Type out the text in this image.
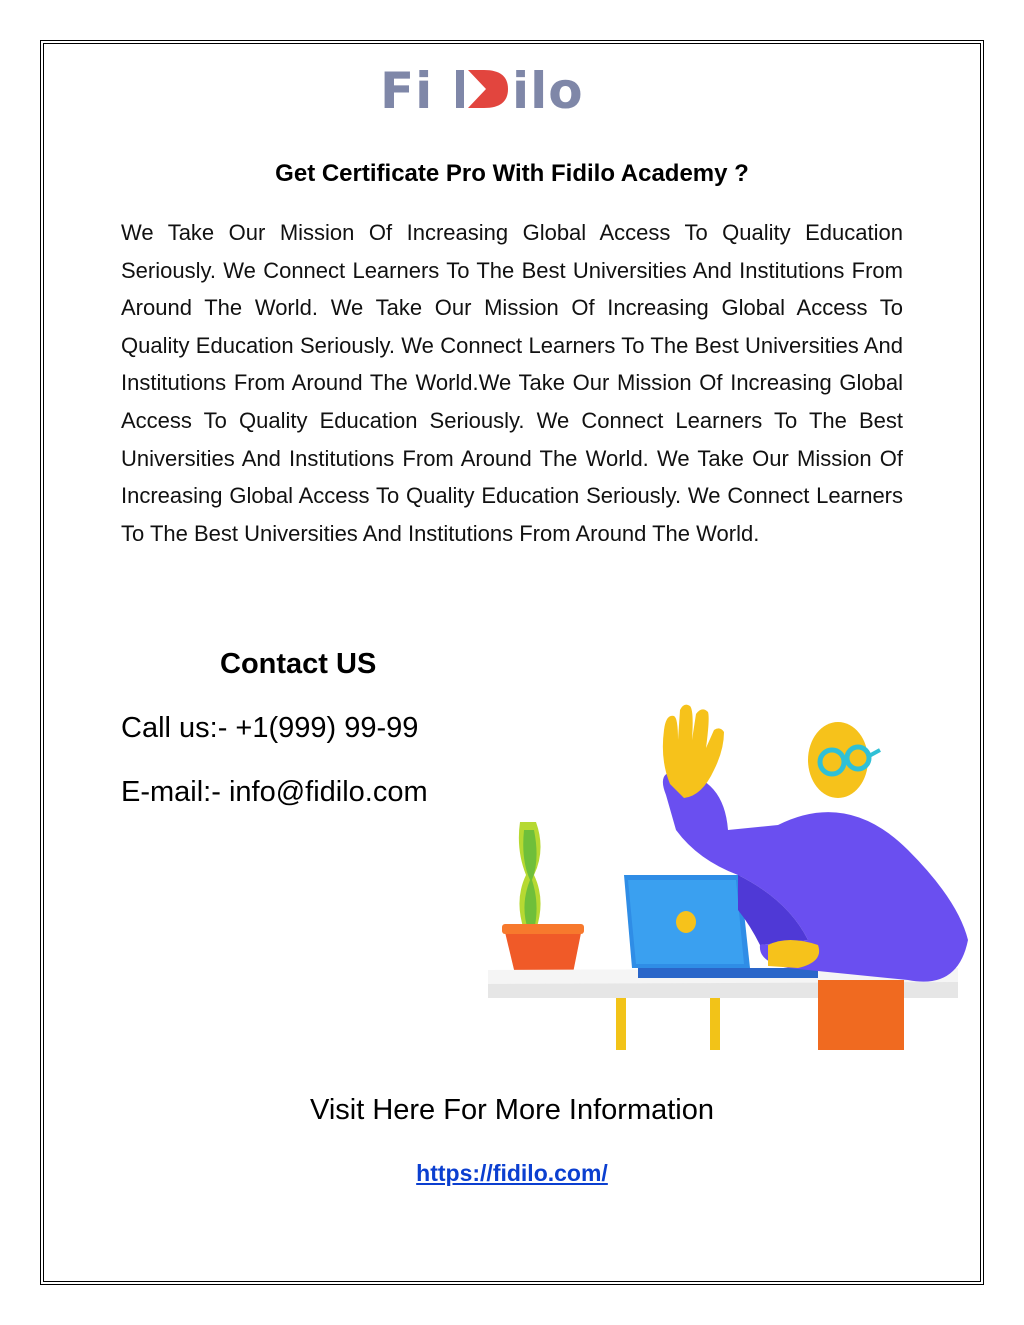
Fi ilo
Get Certificate Pro With Fidilo Academy ?
We Take Our Mission Of Increasing Global Access To Quality Education Seriously. We Connect Learners To The Best Universities And Institutions From Around The World. We Take Our Mission Of Increasing Global Access To Quality Education Seriously. We Connect Learners To The Best Universities And Institutions From Around The World.We Take Our Mission Of Increasing Global Access To Quality Education Seriously. We Connect Learners To The Best Universities And Institutions From Around The World. We Take Our Mission Of Increasing Global Access To Quality Education Seriously. We Connect Learners To The Best Universities And Institutions From Around The World.
Contact US
Call us:- +1(999) 99-99
E-mail:- info@fidilo.com
Visit Here For More Information
https://fidilo.com/
